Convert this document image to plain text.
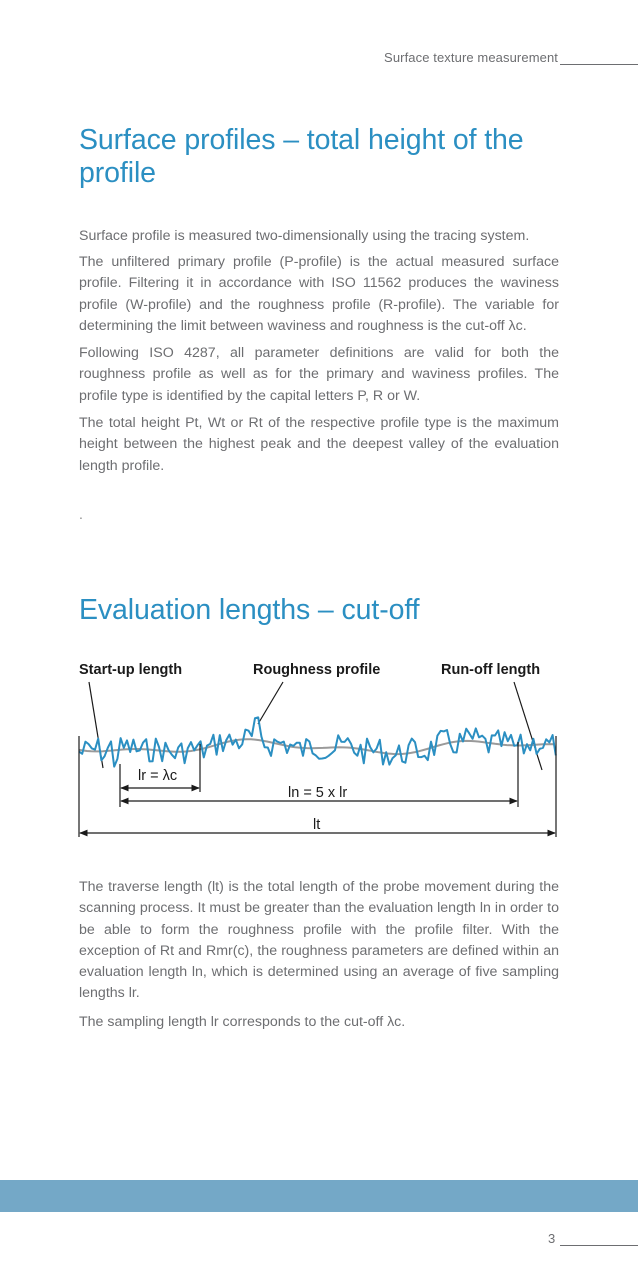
Surface texture measurement
Surface profiles – total height of the profile

Surface profile is measured two-dimensionally using the tracing system.

The unfiltered primary profile (P-profile) is the actual measured surface profile. Filtering it in accordance with ISO 11562 produces the waviness profile (W-profile) and the roughness profile (R-profile). The variable for determining the limit between waviness and roughness is the cut-off λc.

Following ISO 4287, all parameter definitions are valid for both the roughness profile as well as for the primary and waviness profiles. The profile type is identified by the capital letters P, R or W.

The total height Pt, Wt or Rt of the respective profile type is the maximum height between the highest peak and the deepest valley of the evaluation length profile.

.
Evaluation lengths – cut-off
Start-up length	Roughness profile	Run-off length
lr = λc
ln = 5 x lr
lt

The traverse length (lt) is the total length of the probe movement during the scanning process. It must be greater than the evaluation length ln in order to be able to form the roughness profile with the profile filter. With the exception of Rt and Rmr(c), the roughness parameters are defined within an evaluation length ln, which is determined using an average of five sampling lengths lr.

The sampling length lr corresponds to the cut-off λc.

3
